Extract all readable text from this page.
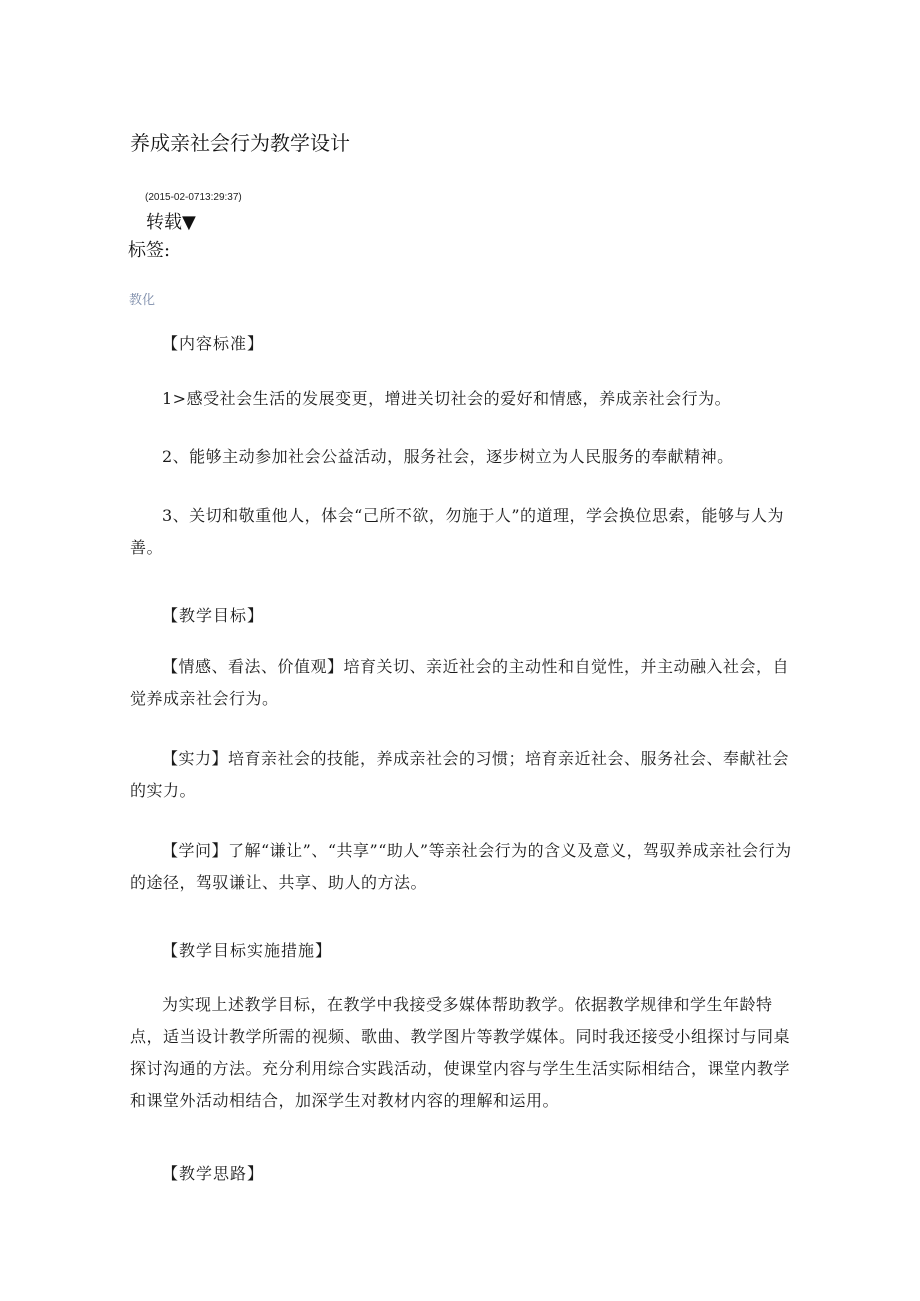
养成亲社会行为教学设计
(2015-02-0713:29:37)
转载▼
标签:
教化
【内容标准】

1>感受社会生活的发展变更，增进关切社会的爱好和情感，养成亲社会行为。

2、能够主动参加社会公益活动，服务社会，逐步树立为人民服务的奉献精神。

3、关切和敬重他人，体会“己所不欲，勿施于人”的道理，学会换位思索，能够与人为善。

【教学目标】

【情感、看法、价值观】培育关切、亲近社会的主动性和自觉性，并主动融入社会，自觉养成亲社会行为。

【实力】培育亲社会的技能，养成亲社会的习惯；培育亲近社会、服务社会、奉献社会的实力。

【学问】了解“谦让”、“共享”“助人”等亲社会行为的含义及意义，驾驭养成亲社会行为的途径，驾驭谦让、共享、助人的方法。

【教学目标实施措施】

为实现上述教学目标，在教学中我接受多媒体帮助教学。依据教学规律和学生年龄特点，适当设计教学所需的视频、歌曲、教学图片等教学媒体。同时我还接受小组探讨与同桌探讨沟通的方法。充分利用综合实践活动，使课堂内容与学生生活实际相结合，课堂内教学和课堂外活动相结合，加深学生对教材内容的理解和运用。

【教学思路】
